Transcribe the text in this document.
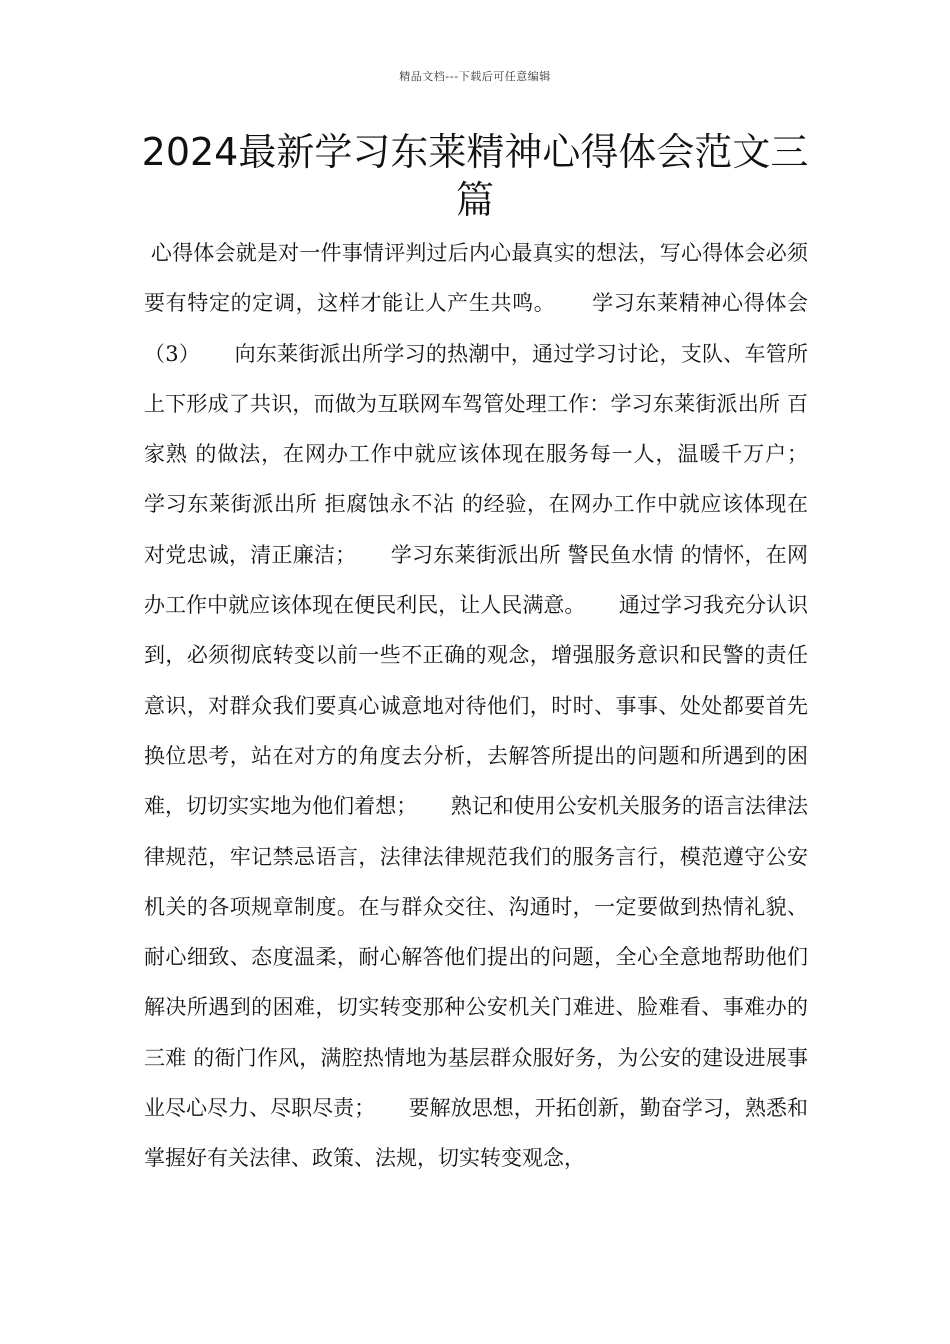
精品文档---下载后可任意编辑
2024最新学习东莱精神心得体会范文三篇

心得体会就是对一件事情评判过后内心最真实的想法，写心得体会必须要有特定的定调，这样才能让人产生共鸣。     学习东莱精神心得体会（3）     向东莱街派出所学习的热潮中，通过学习讨论，支队、车管所上下形成了共识，而做为互联网车驾管处理工作：学习东莱街派出所 百家熟 的做法，在网办工作中就应该体现在服务每一人，温暖千万户；     学习东莱街派出所 拒腐蚀永不沾 的经验，在网办工作中就应该体现在对党忠诚，清正廉洁；     学习东莱街派出所 警民鱼水情 的情怀，在网办工作中就应该体现在便民利民，让人民满意。     通过学习我充分认识到，必须彻底转变以前一些不正确的观念，增强服务意识和民警的责任意识，对群众我们要真心诚意地对待他们，时时、事事、处处都要首先换位思考，站在对方的角度去分析，去解答所提出的问题和所遇到的困难，切切实实地为他们着想；     熟记和使用公安机关服务的语言法律法律规范，牢记禁忌语言，法律法律规范我们的服务言行，模范遵守公安机关的各项规章制度。在与群众交往、沟通时，一定要做到热情礼貌、耐心细致、态度温柔，耐心解答他们提出的问题，全心全意地帮助他们解决所遇到的困难，切实转变那种公安机关门难进、脸难看、事难办的 三难 的衙门作风，满腔热情地为基层群众服好务，为公安的建设进展事业尽心尽力、尽职尽责；     要解放思想，开拓创新，勤奋学习，熟悉和掌握好有关法律、政策、法规，切实转变观念，
